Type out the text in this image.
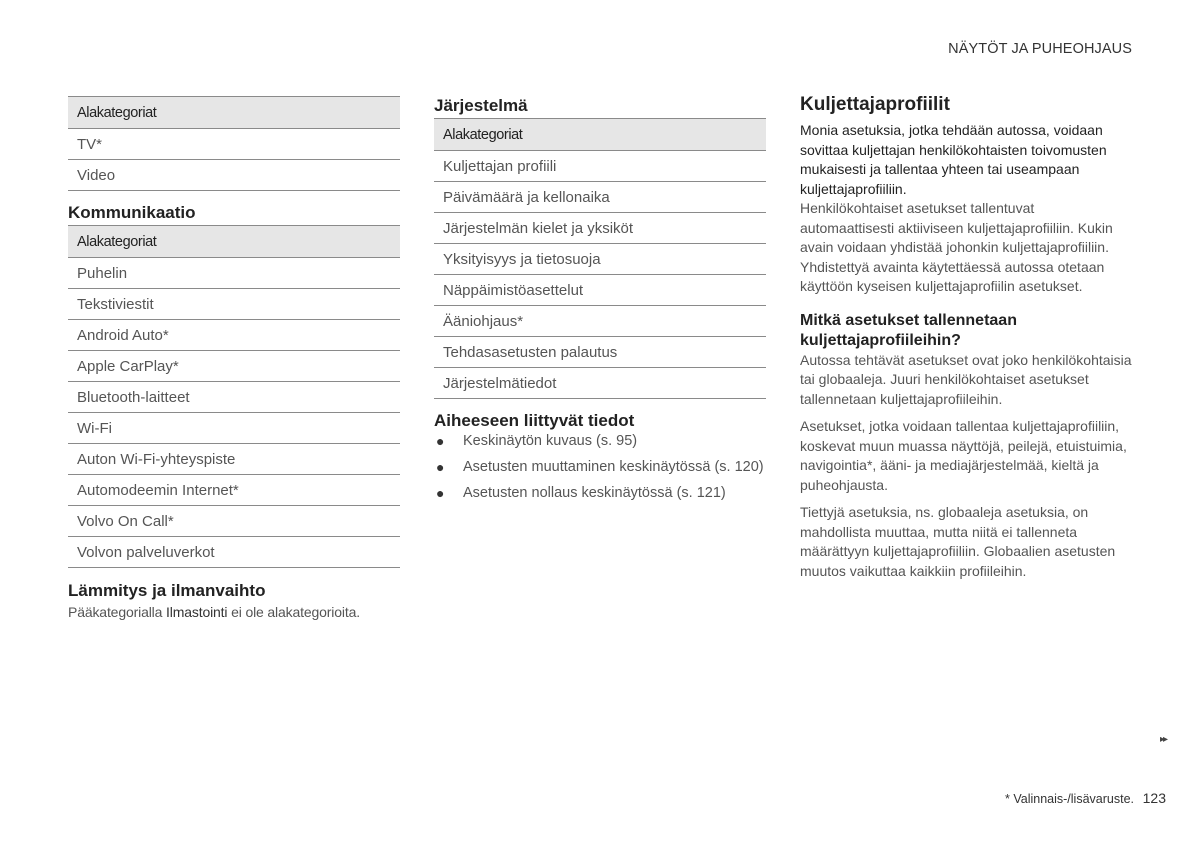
NÄYTÖT JA PUHEOHJAUS
Alakategoriat
TV*
Video
Kommunikaatio
Alakategoriat
Puhelin
Tekstiviestit
Android Auto*
Apple CarPlay*
Bluetooth-laitteet
Wi-Fi
Auton Wi-Fi-yhteyspiste
Automodeemin Internet*
Volvo On Call*
Volvon palveluverkot
Lämmitys ja ilmanvaihto

Pääkategorialla Ilmastointi ei ole alakategorioita.

Järjestelmä
Alakategoriat
Kuljettajan profiili
Päivämäärä ja kellonaika
Järjestelmän kielet ja yksiköt
Yksityisyys ja tietosuoja
Näppäimistöasettelut
Ääniohjaus*
Tehdasasetusten palautus
Järjestelmätiedot
Aiheeseen liittyvät tiedot
● Keskinäytön kuvaus (s. 95)
● Asetusten muuttaminen keskinäytössä (s. 120)
● Asetusten nollaus keskinäytössä (s. 121)
Kuljettajaprofiilit

Monia asetuksia, jotka tehdään autossa, voidaan sovittaa kuljettajan henkilökohtaisten toivomusten mukaisesti ja tallentaa yhteen tai useampaan kuljettajaprofiiliin.

Henkilökohtaiset asetukset tallentuvat automaattisesti aktiiviseen kuljettajaprofiiliin. Kukin avain voidaan yhdistää johonkin kuljettajaprofiiliin. Yhdistettyä avainta käytettäessä autossa otetaan käyttöön kyseisen kuljettajaprofiilin asetukset.

Mitkä asetukset tallennetaan kuljettajaprofiileihin?

Autossa tehtävät asetukset ovat joko henkilökohtaisia tai globaaleja. Juuri henkilökohtaiset asetukset tallennetaan kuljettajaprofiileihin.

Asetukset, jotka voidaan tallentaa kuljettajaprofiiliin, koskevat muun muassa näyttöjä, peilejä, etuistuimia, navigointia*, ääni- ja mediajärjestelmää, kieltä ja puheohjausta.

Tiettyjä asetuksia, ns. globaaleja asetuksia, on mahdollista muuttaa, mutta niitä ei tallenneta määrättyyn kuljettajaprofiiliin. Globaalien asetusten muutos vaikuttaa kaikkiin profiileihin.

▸▸
* Valinnais-/lisävaruste. 123
